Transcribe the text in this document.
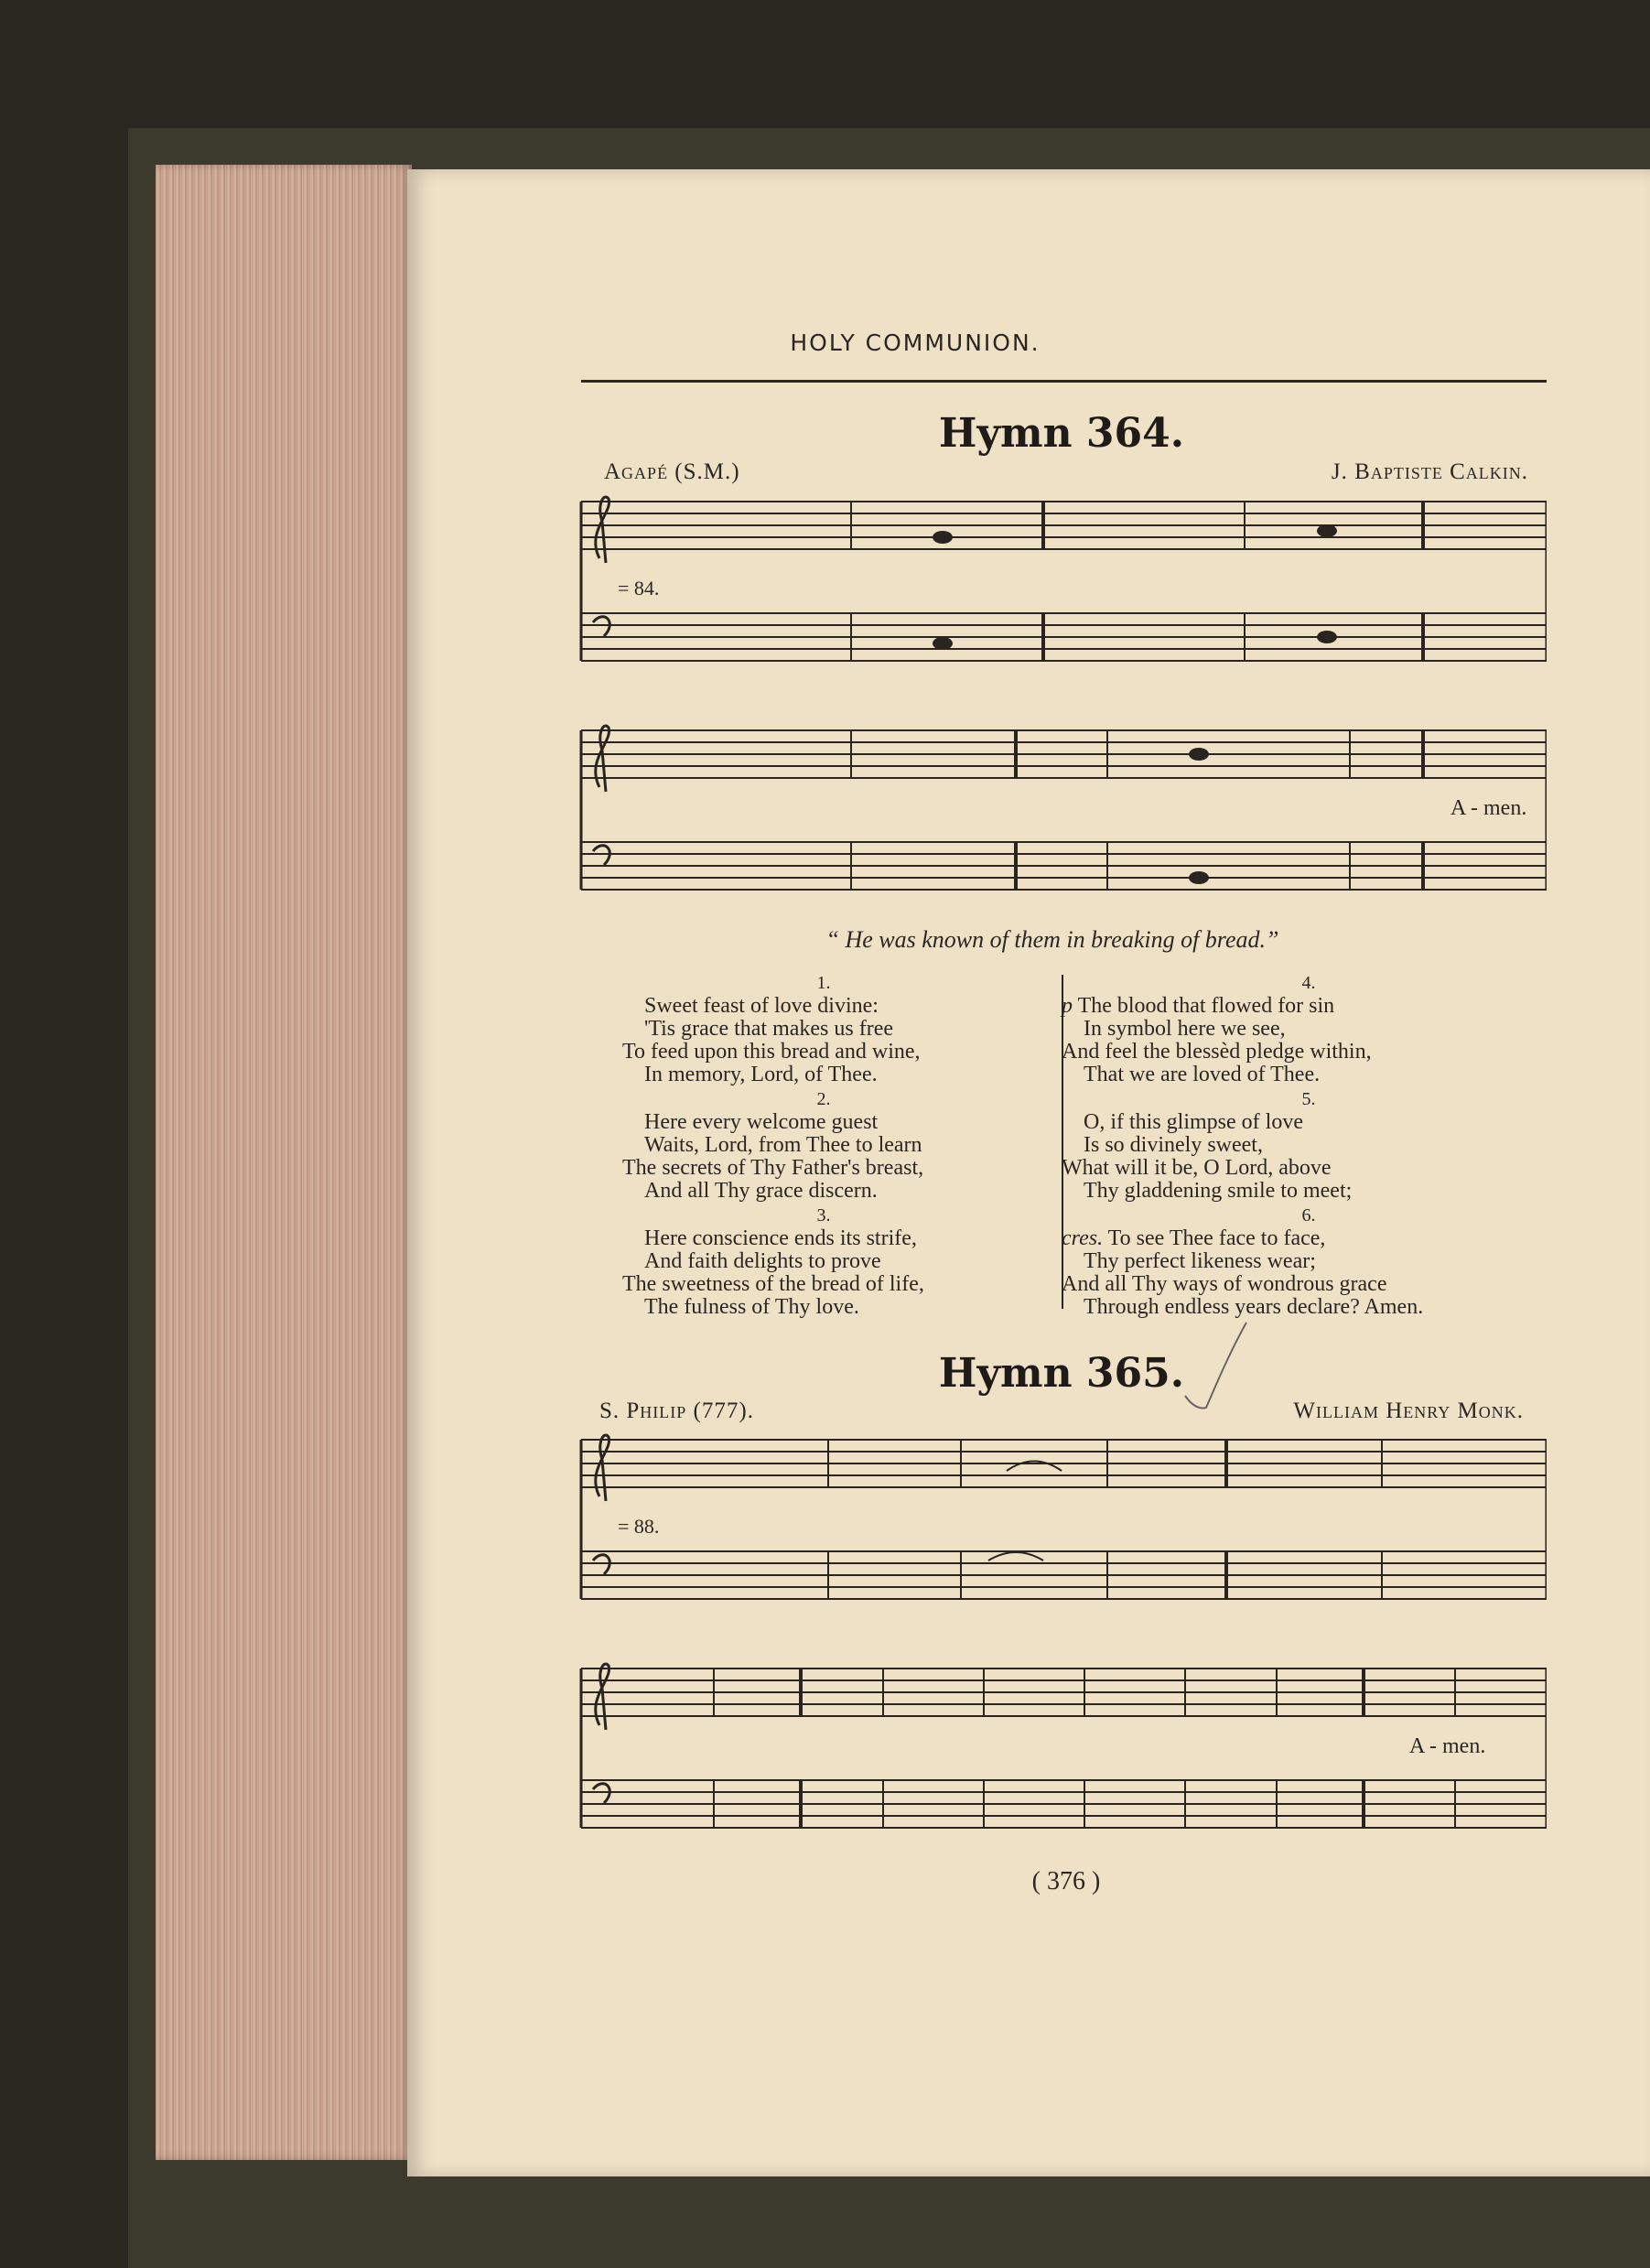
HOLY COMMUNION.
Hymn 364.
Agapé (S.M.)	J. Baptiste Calkin.
= 84.
A - men.
“ He was known of them in breaking of bread.”
1.
Sweet feast of love divine:
'Tis grace that makes us free
To feed upon this bread and wine,
In memory, Lord, of Thee.
2.
Here every welcome guest
Waits, Lord, from Thee to learn
The secrets of Thy Father's breast,
And all Thy grace discern.
3.
Here conscience ends its strife,
And faith delights to prove
The sweetness of the bread of life,
The fulness of Thy love.
4.
p The blood that flowed for sin
In symbol here we see,
And feel the blessèd pledge within,
That we are loved of Thee.
5.
O, if this glimpse of love
Is so divinely sweet,
What will it be, O Lord, above
Thy gladdening smile to meet;
6.
cres. To see Thee face to face,
Thy perfect likeness wear;
And all Thy ways of wondrous grace
Through endless years declare? Amen.
Hymn 365.
S. Philip (777).	William Henry Monk.
= 88.
A - men.
( 376 )
